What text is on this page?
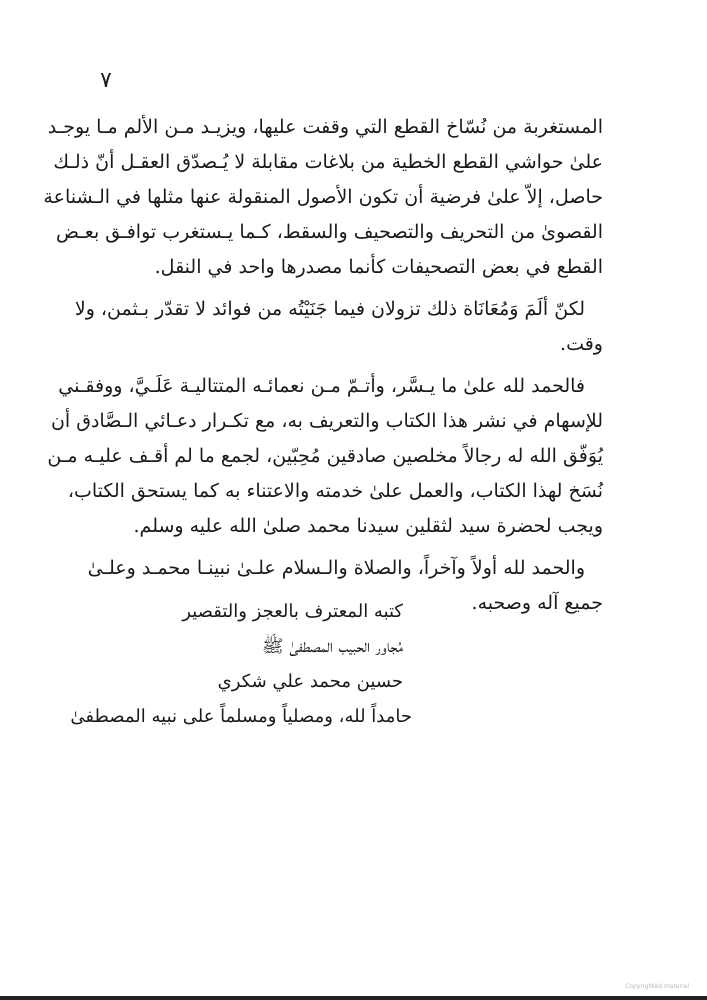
٧
المستغربة من نُسّاخ القطع التي وقفت عليها، ويزيـد مـن الألم مـا يوجـد
علىٰ حواشي القطع الخطية من بلاغات مقابلة لا يُـصدّق العقـل أنّ ذلـك
حاصل، إلاّ علىٰ فرضية أن تكون الأصول المنقولة عنها مثلها في الـشناعة
القصوىٰ من التحريف والتصحيف والسقط، كـما يـستغرب توافـق بعـض
القطع في بعض التصحيفات كأنما مصدرها واحد في النقل.
لكنّ ألَمَ وَمُعَانَاة ذلك تزولان فيما جَنَيْتُه من فوائد لا تقدّر بـثمن، ولا
وقت.
فالحمد لله علىٰ ما يـسَّر، وأتـمّ مـن نعمائـه المتتاليـة عَلَـيَّ، ووفقـني
للإسهام في نشر هذا الكتاب والتعريف به، مع تكـرار دعـائي الـصَّادق أن
يُوَفّق الله له رجالاً مخلصين صادقين مُحِبّين، لجمع ما لم أقـف عليـه مـن
نُسَخ لهذا الكتاب، والعمل علىٰ خدمته والاعتناء به كما يستحق الكتاب،
ويجب لحضرة سيد لثقلين سيدنا محمد صلىٰ الله عليه وسلم.
والحمد لله أولاً وآخراً، والصلاة والـسلام علـىٰ نبينـا محمـد وعلـىٰ
جميع آله وصحبه.
كتبه المعترف بالعجز والتقصير
مُجاور الحبيب المصطفىٰ ﷺ
حسين محمد علي شكري
حامداً لله، ومصلياً ومسلماً على نبيه المصطفىٰ
Copyrighted material
